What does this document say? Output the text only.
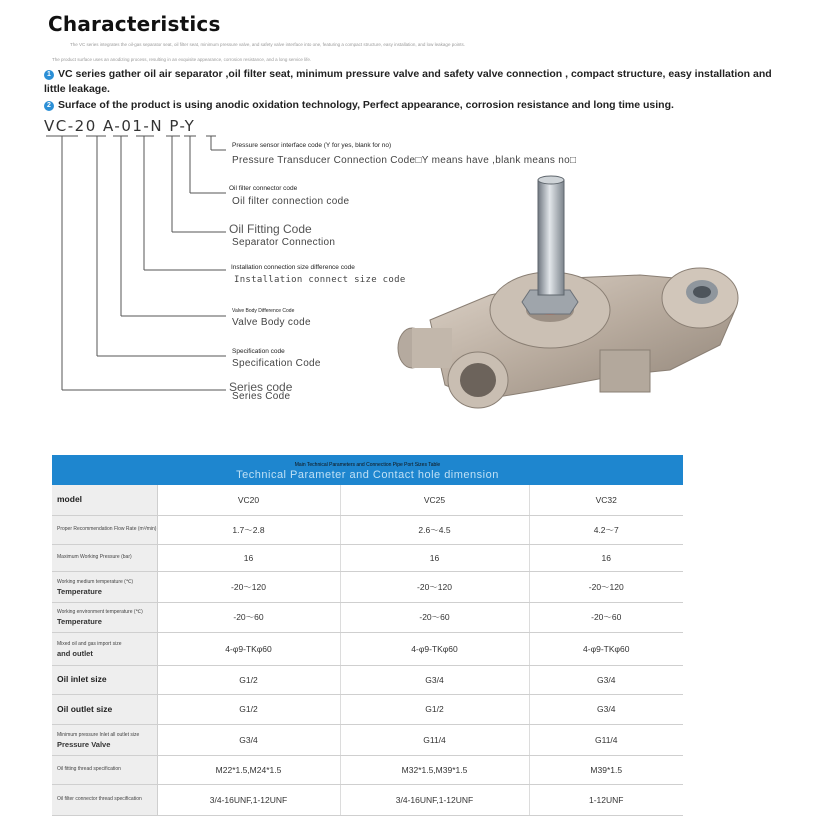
Characteristics
The VC series integrates the oil-gas separator seat, oil filter seat, minimum pressure valve, and safety valve interface into one, featuring a compact structure, easy installation, and low leakage points.
The product surface uses an anodizing process, resulting in an exquisite appearance, corrosion resistance, and a long service life.
1 VC series gather oil air separator ,oil filter seat, minimum pressure valve and safety valve connection , compact structure, easy installation and little leakage.
2 Surface of the product is using anodic oxidation technology, Perfect appearance, corrosion resistance and long time using.
VC-20 A-01-N P-Y
Pressure sensor interface code (Y for yes, blank for no)
Pressure Transducer Connection Code□Y means have ,blank means no□
Oil filter connector code
Oil filter connection code
Oil Fitting Code
Separator Connection
Installation connection size difference code
Installation connect size code
Valve Body Difference Code
Valve Body code
Specification code
Specification Code
Series code
Series Code
Main Technical Parameters and Connection Pipe Port Sizes Table
Technical Parameter and Contact hole dimension
model	VC20	VC25	VC32

Proper Recommendation Flow Rate (m³/min)	1.7～2.8	2.6～4.5	4.2～7

Maximum Working Pressure (bar)	16	16	16

Working medium temperature (℃)
Temperature	-20～120	-20～120	-20～120

Working environment temperature (℃)
Temperature	-20～60	-20～60	-20～60

Mixed oil and gas import size
and outlet	4-φ9-TKφ60	4-φ9-TKφ60	4-φ9-TKφ60

Oil inlet size	G1/2	G3/4	G3/4

Oil outlet size	G1/2	G1/2	G3/4

Minimum pressure Inlet all outlet size
Pressure Valve	G3/4	G11/4	G11/4

Oil fitting thread specification	M22*1.5,M24*1.5	M32*1.5,M39*1.5	M39*1.5

Oil filter connector thread specification	3/4-16UNF,1-12UNF	3/4-16UNF,1-12UNF	1-12UNF
